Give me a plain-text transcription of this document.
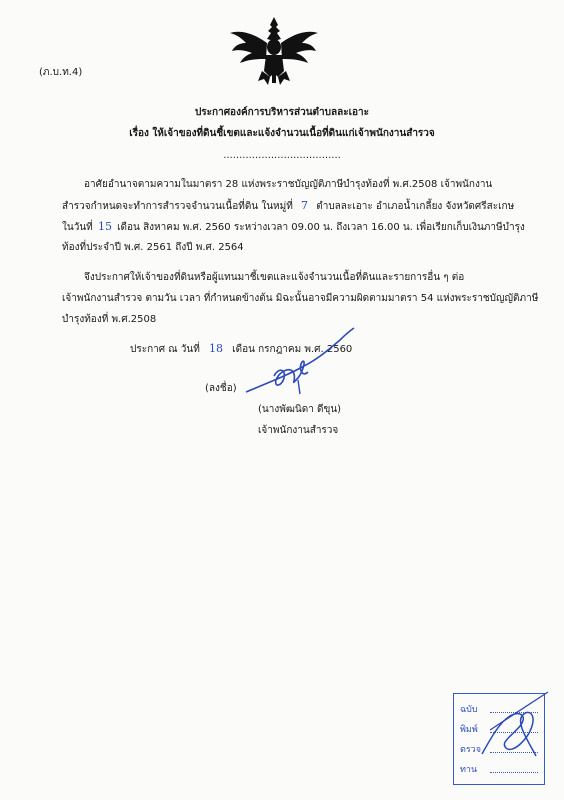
(ภ.บ.ท.4)
ประกาศองค์การบริหารส่วนตำบลละเอาะ
เรื่อง ให้เจ้าของที่ดินชี้เขตและแจ้งจำนวนเนื้อที่ดินแก่เจ้าพนักงานสำรวจ
.....................................
อาศัยอำนาจตามความในมาตรา 28 แห่งพระราชบัญญัติภาษีบำรุงท้องที่ พ.ศ.2508 เจ้าพนักงาน
สำรวจกำหนดจะทำการสำรวจจำนวนเนื้อที่ดิน ในหมู่ที่ 7 ตำบลละเอาะ อำเภอน้ำเกลี้ยง จังหวัดศรีสะเกษ
ในวันที่ 15 เดือน สิงหาคม พ.ศ. 2560 ระหว่างเวลา 09.00 น. ถึงเวลา 16.00 น. เพื่อเรียกเก็บเงินภาษีบำรุง
ท้องที่ประจำปี พ.ศ. 2561 ถึงปี พ.ศ. 2564
จึงประกาศให้เจ้าของที่ดินหรือผู้แทนมาชี้เขตและแจ้งจำนวนเนื้อที่ดินและรายการอื่น ๆ ต่อ
เจ้าพนักงานสำรวจ ตามวัน เวลา ที่กำหนดข้างต้น มิฉะนั้นอาจมีความผิดตามมาตรา 54 แห่งพระราชบัญญัติภาษี
บำรุงท้องที่ พ.ศ.2508
ประกาศ ณ วันที่ 18 เดือน กรกฎาคม พ.ศ. 2560
(ลงชื่อ)
(นางพัฒนิดา ดีขุน)
เจ้าพนักงานสำรวจ
ฉบับ
พิมพ์
ตรวจ
ทาน
